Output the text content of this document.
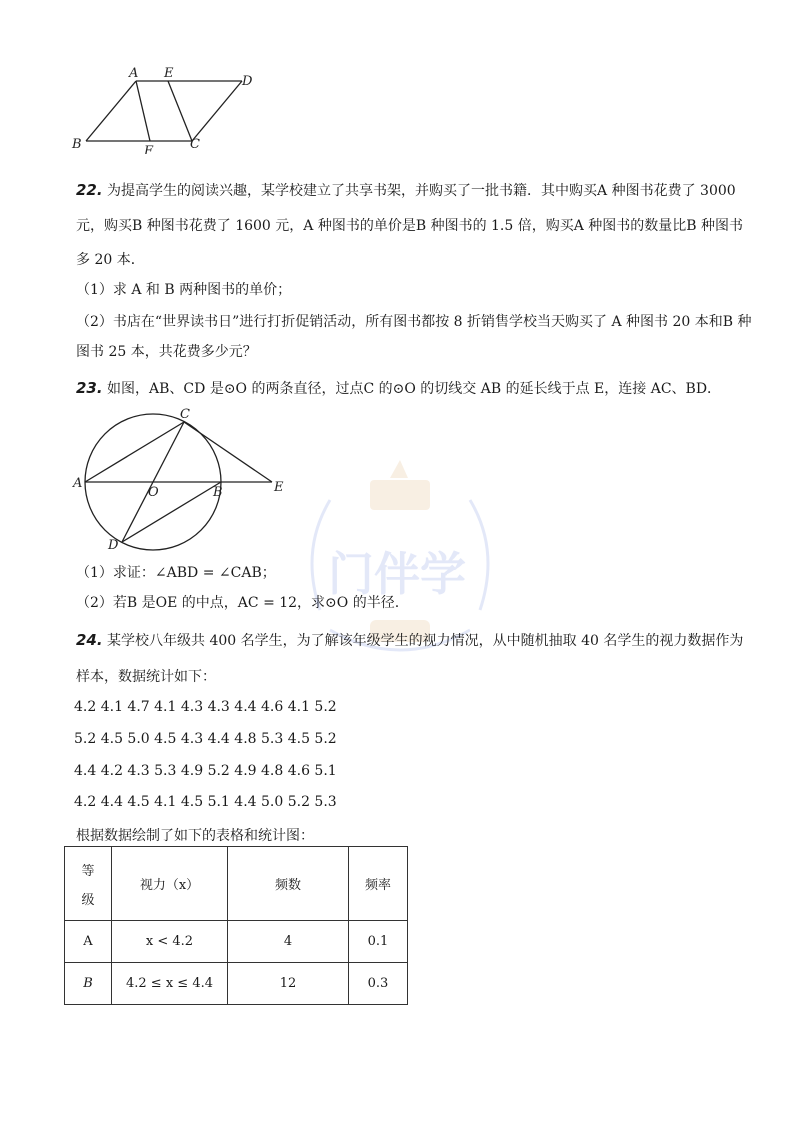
A E
D
B	F	C
22. 为提高学生的阅读兴趣，某学校建立了共享书架，并购买了一批书籍．其中购买A 种图书花费了 3000
元，购买B 种图书花费了 1600 元，A 种图书的单价是B 种图书的 1.5 倍，购买A 种图书的数量比B 种图书
多 20 本．
（1）求 A 和 B 两种图书的单价；
（2）书店在“世界读书日”进行打折促销活动，所有图书都按 8 折销售学校当天购买了 A 种图书 20 本和B 种
图书 25 本，共花费多少元？
23. 如图，AB、CD 是⊙O 的两条直径，过点C 的⊙O 的切线交 AB 的延长线于点 E，连接 AC、BD．
A
O	B	E
C
D
（1）求证：∠ABD = ∠CAB；
（2）若B 是OE 的中点，AC = 12，求⊙O 的半径.
门伴学
24. 某学校八年级共 400 名学生，为了解该年级学生的视力情况，从中随机抽取 40 名学生的视力数据作为
样本，数据统计如下：
4.2 4.1 4.7 4.1 4.3 4.3 4.4 4.6 4.1 5.2
5.2 4.5 5.0 4.5 4.3 4.4 4.8 5.3 4.5 5.2
4.4 4.2 4.3 5.3 4.9 5.2 4.9 4.8 4.6 5.1
4.2 4.4 4.5 4.1 4.5 5.1 4.4 5.0 5.2 5.3
根据数据绘制了如下的表格和统计图：
等
级	视力（x）	频数	频率
A	x < 4.2	4	0.1
B	4.2 ≤ x ≤ 4.4	12	0.3
